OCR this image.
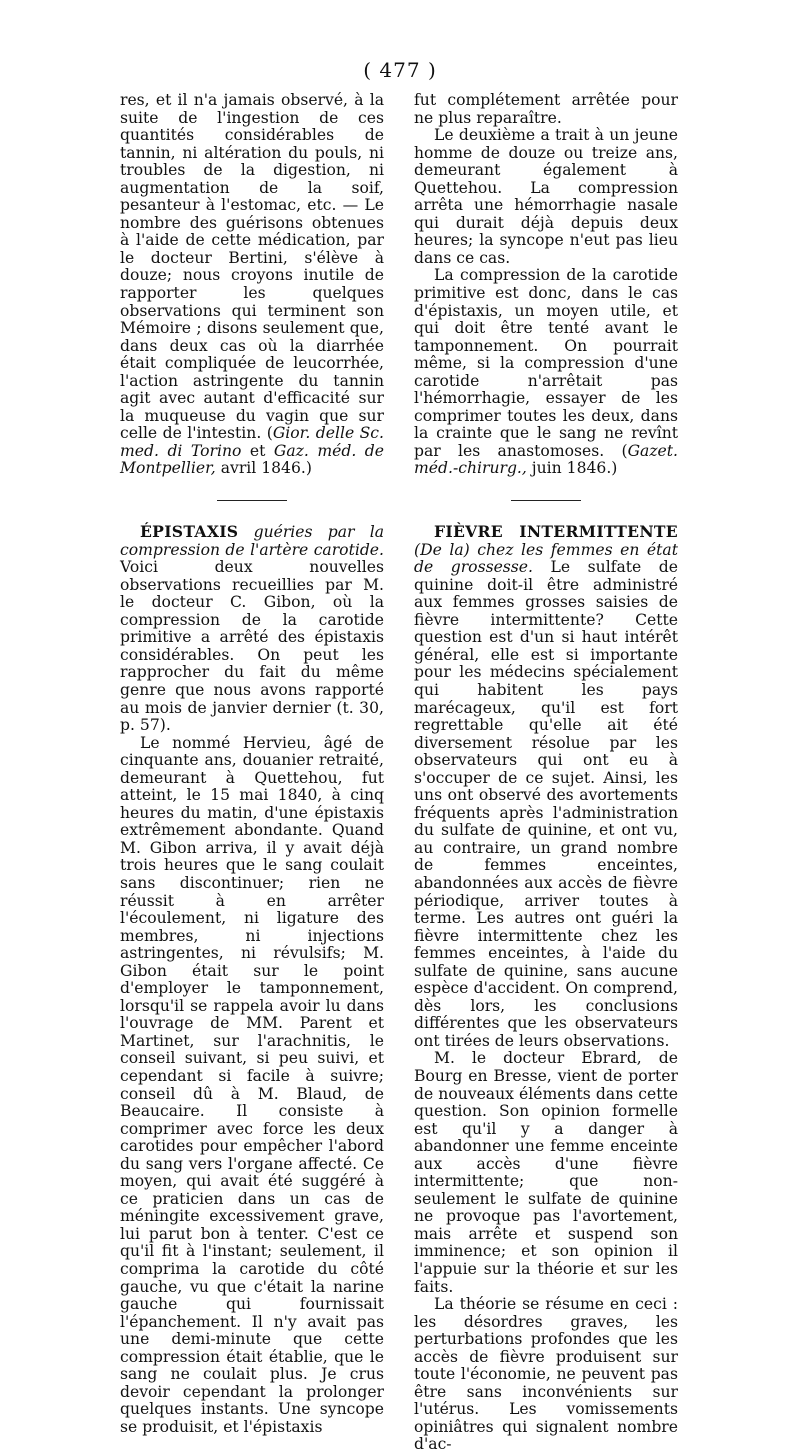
( 477 )

res, et il n'a jamais observé, à la suite de l'ingestion de ces quantités considérables de tannin, ni altération du pouls, ni troubles de la digestion, ni augmentation de la soif, pesanteur à l'estomac, etc. — Le nombre des guérisons obtenues à l'aide de cette médication, par le docteur Bertini, s'élève à douze; nous croyons inutile de rapporter les quelques observations qui terminent son Mémoire ; disons seulement que, dans deux cas où la diarrhée était compliquée de leucorrhée, l'action astringente du tannin agit avec autant d'efficacité sur la muqueuse du vagin que sur celle de l'intestin. (Gior. delle Sc. med. di Torino et Gaz. méd. de Montpellier, avril 1846.)

ÉPISTAXIS guéries par la compression de l'artère carotide. Voici deux nouvelles observations recueillies par M. le docteur C. Gibon, où la compression de la carotide primitive a arrêté des épistaxis considérables. On peut les rapprocher du fait du même genre que nous avons rapporté au mois de janvier dernier (t. 30, p. 57).

Le nommé Hervieu, âgé de cinquante ans, douanier retraité, demeurant à Quettehou, fut atteint, le 15 mai 1840, à cinq heures du matin, d'une épistaxis extrêmement abondante. Quand M. Gibon arriva, il y avait déjà trois heures que le sang coulait sans discontinuer; rien ne réussit à en arrêter l'écoulement, ni ligature des membres, ni injections astringentes, ni révulsifs; M. Gibon était sur le point d'employer le tamponnement, lorsqu'il se rappela avoir lu dans l'ouvrage de MM. Parent et Martinet, sur l'arachnitis, le conseil suivant, si peu suivi, et cependant si facile à suivre; conseil dû à M. Blaud, de Beaucaire. Il consiste à comprimer avec force les deux carotides pour empêcher l'abord du sang vers l'organe affecté. Ce moyen, qui avait été suggéré à ce praticien dans un cas de méningite excessivement grave, lui parut bon à tenter. C'est ce qu'il fit à l'instant; seulement, il comprima la carotide du côté gauche, vu que c'était la narine gauche qui fournissait l'épanchement. Il n'y avait pas une demi-minute que cette compression était établie, que le sang ne coulait plus. Je crus devoir cependant la prolonger quelques instants. Une syncope se produisit, et l'épistaxis

fut complétement arrêtée pour ne plus reparaître.

Le deuxième a trait à un jeune homme de douze ou treize ans, demeurant également à Quettehou. La compression arrêta une hémorrhagie nasale qui durait déjà depuis deux heures; la syncope n'eut pas lieu dans ce cas.

La compression de la carotide primitive est donc, dans le cas d'épistaxis, un moyen utile, et qui doit être tenté avant le tamponnement. On pourrait même, si la compression d'une carotide n'arrêtait pas l'hémorrhagie, essayer de les comprimer toutes les deux, dans la crainte que le sang ne revînt par les anastomoses. (Gazet. méd.-chirurg., juin 1846.)

FIÈVRE INTERMITTENTE (De la) chez les femmes en état de grossesse. Le sulfate de quinine doit-il être administré aux femmes grosses saisies de fièvre intermittente? Cette question est d'un si haut intérêt général, elle est si importante pour les médecins spécialement qui habitent les pays marécageux, qu'il est fort regrettable qu'elle ait été diversement résolue par les observateurs qui ont eu à s'occuper de ce sujet. Ainsi, les uns ont observé des avortements fréquents après l'administration du sulfate de quinine, et ont vu, au contraire, un grand nombre de femmes enceintes, abandonnées aux accès de fièvre périodique, arriver toutes à terme. Les autres ont guéri la fièvre intermittente chez les femmes enceintes, à l'aide du sulfate de quinine, sans aucune espèce d'accident. On comprend, dès lors, les conclusions différentes que les observateurs ont tirées de leurs observations.

M. le docteur Ebrard, de Bourg en Bresse, vient de porter de nouveaux éléments dans cette question. Son opinion formelle est qu'il y a danger à abandonner une femme enceinte aux accès d'une fièvre intermittente; que non-seulement le sulfate de quinine ne provoque pas l'avortement, mais arrête et suspend son imminence; et son opinion il l'appuie sur la théorie et sur les faits.

La théorie se résume en ceci : les désordres graves, les perturbations profondes que les accès de fièvre produisent sur toute l'économie, ne peuvent pas être sans inconvénients sur l'utérus. Les vomissements opiniâtres qui signalent nombre d'ac-
